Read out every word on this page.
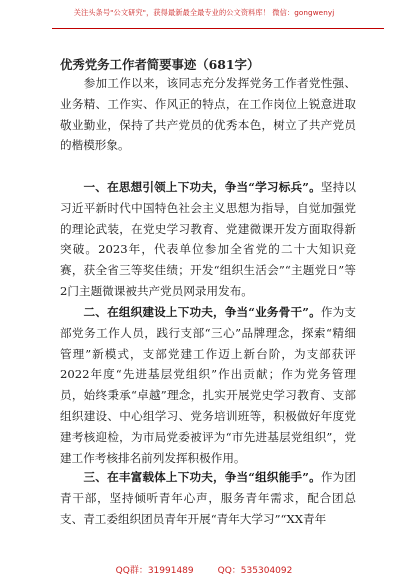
关注头条号"公文研究"，获得最新最全最专业的公文资料库！ 微信：gongwenyj
优秀党务工作者简要事迹（681字）
　　参加工作以来，该同志充分发挥党务工作者党性强、业务精、工作实、作风正的特点，在工作岗位上锐意进取敬业勤业，保持了共产党员的优秀本色，树立了共产党员的楷模形象。
　　一、在思想引领上下功夫，争当“学习标兵”。坚持以习近平新时代中国特色社会主义思想为指导，自觉加强党的理论武装，在党史学习教育、党建微课开发方面取得新突破。2023年，代表单位参加全省党的二十大知识竞赛，获全省三等奖佳绩；开发“组织生活会”“主题党日”等2门主题微课被共产党员网录用发布。
　　二、在组织建设上下功夫，争当“业务骨干”。作为支部党务工作人员，践行支部“三心”品牌理念，探索“精细管理”新模式，支部党建工作迈上新台阶，为支部获评2022年度“先进基层党组织”作出贡献；作为党务管理员，始终秉承“卓越”理念，扎实开展党史学习教育、支部组织建设、中心组学习、党务培训班等，积极做好年度党建考核迎检，为市局党委被评为“市先进基层党组织”，党建工作考核排名前列发挥积极作用。
　　三、在丰富载体上下功夫，争当“组织能手”。作为团青干部，坚持倾听青年心声，服务青年需求，配合团总支、青工委组织团员青年开展“青年大学习”“XX青年
QQ群：31991489	QQ：535304092
